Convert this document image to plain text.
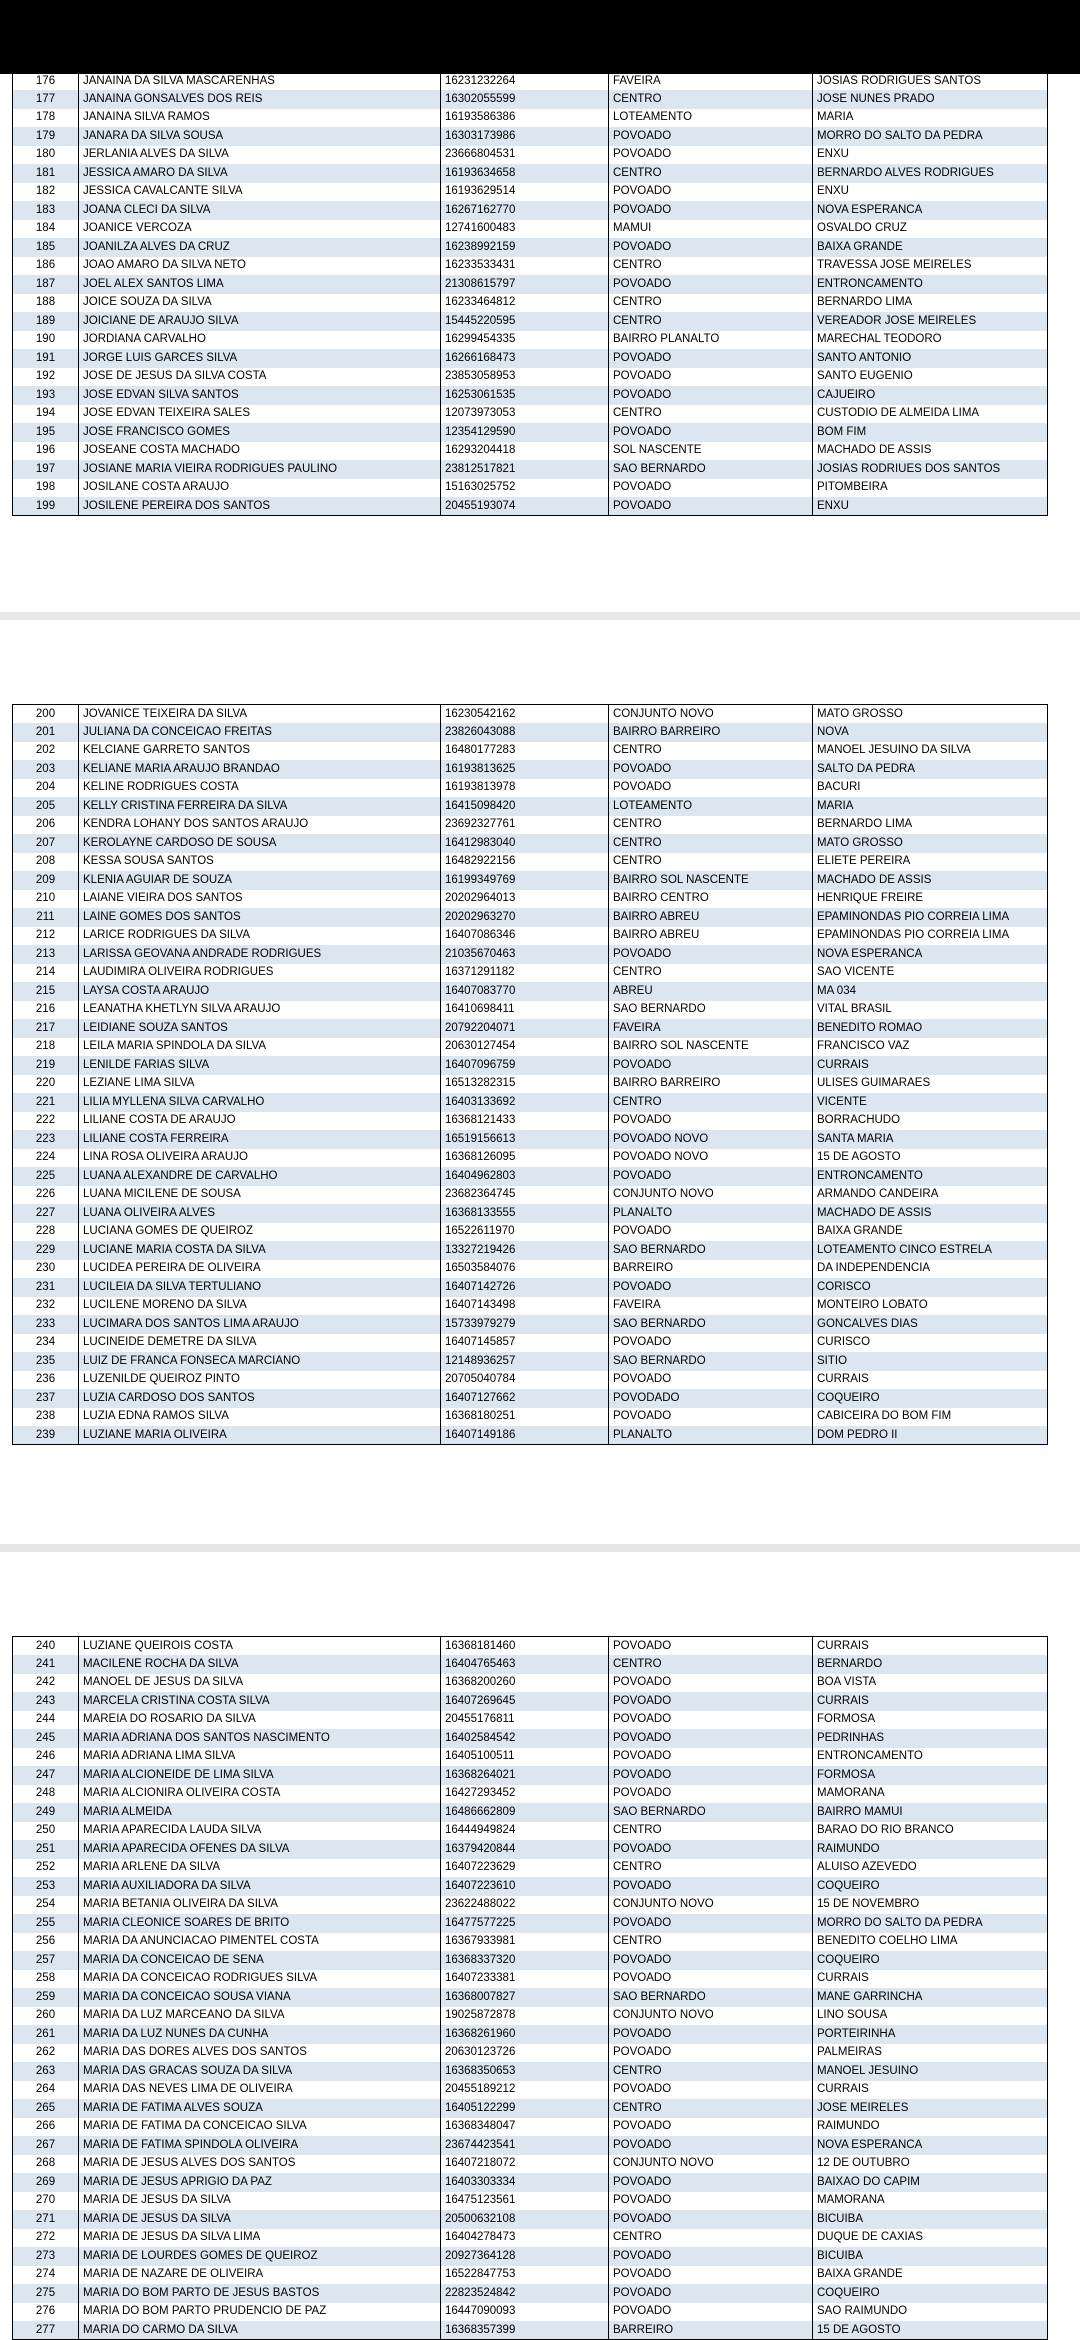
176	JANAINA DA SILVA MASCARENHAS	16231232264	FAVEIRA	JOSIAS RODRIGUES SANTOS
177	JANAINA GONSALVES DOS REIS	16302055599	CENTRO	JOSE NUNES PRADO
178	JANAINA SILVA RAMOS	16193586386	LOTEAMENTO	MARIA
179	JANARA DA SILVA SOUSA	16303173986	POVOADO	MORRO DO SALTO DA PEDRA
180	JERLANIA ALVES DA SILVA	23666804531	POVOADO	ENXU
181	JESSICA AMARO DA SILVA	16193634658	CENTRO	BERNARDO ALVES RODRIGUES
182	JESSICA CAVALCANTE SILVA	16193629514	POVOADO	ENXU
183	JOANA CLECI DA SILVA	16267162770	POVOADO	NOVA ESPERANCA
184	JOANICE VERCOZA	12741600483	MAMUI	OSVALDO CRUZ
185	JOANILZA ALVES DA CRUZ	16238992159	POVOADO	BAIXA GRANDE
186	JOAO AMARO DA SILVA NETO	16233533431	CENTRO	TRAVESSA JOSE MEIRELES
187	JOEL ALEX SANTOS LIMA	21308615797	POVOADO	ENTRONCAMENTO
188	JOICE SOUZA DA SILVA	16233464812	CENTRO	BERNARDO LIMA
189	JOICIANE DE ARAUJO SILVA	15445220595	CENTRO	VEREADOR JOSE MEIRELES
190	JORDIANA CARVALHO	16299454335	BAIRRO PLANALTO	MARECHAL TEODORO
191	JORGE LUIS GARCES SILVA	16266168473	POVOADO	SANTO ANTONIO
192	JOSE DE JESUS DA SILVA COSTA	23853058953	POVOADO	SANTO EUGENIO
193	JOSE EDVAN SILVA SANTOS	16253061535	POVOADO	CAJUEIRO
194	JOSE EDVAN TEIXEIRA SALES	12073973053	CENTRO	CUSTODIO DE ALMEIDA LIMA
195	JOSE FRANCISCO GOMES	12354129590	POVOADO	BOM FIM
196	JOSEANE COSTA MACHADO	16293204418	SOL NASCENTE	MACHADO DE ASSIS
197	JOSIANE MARIA VIEIRA RODRIGUES PAULINO	23812517821	SAO BERNARDO	JOSIAS RODRIUES DOS SANTOS
198	JOSILANE COSTA ARAUJO	15163025752	POVOADO	PITOMBEIRA
199	JOSILENE PEREIRA DOS SANTOS	20455193074	POVOADO	ENXU
200	JOVANICE TEIXEIRA DA SILVA	16230542162	CONJUNTO NOVO	MATO GROSSO
201	JULIANA DA CONCEICAO FREITAS	23826043088	BAIRRO BARREIRO	NOVA
202	KELCIANE GARRETO SANTOS	16480177283	CENTRO	MANOEL JESUINO DA SILVA
203	KELIANE MARIA ARAUJO BRANDAO	16193813625	POVOADO	SALTO DA PEDRA
204	KELINE RODRIGUES COSTA	16193813978	POVOADO	BACURI
205	KELLY CRISTINA FERREIRA DA SILVA	16415098420	LOTEAMENTO	MARIA
206	KENDRA LOHANY DOS SANTOS ARAUJO	23692327761	CENTRO	BERNARDO LIMA
207	KEROLAYNE CARDOSO DE SOUSA	16412983040	CENTRO	MATO GROSSO
208	KESSA SOUSA SANTOS	16482922156	CENTRO	ELIETE PEREIRA
209	KLENIA AGUIAR DE SOUZA	16199349769	BAIRRO SOL NASCENTE	MACHADO DE ASSIS
210	LAIANE VIEIRA DOS SANTOS	20202964013	BAIRRO CENTRO	HENRIQUE FREIRE
211	LAINE GOMES DOS SANTOS	20202963270	BAIRRO ABREU	EPAMINONDAS PIO CORREIA LIMA
212	LARICE RODRIGUES DA SILVA	16407086346	BAIRRO ABREU	EPAMINONDAS PIO CORREIA LIMA
213	LARISSA GEOVANA ANDRADE RODRIGUES	21035670463	POVOADO	NOVA ESPERANCA
214	LAUDIMIRA OLIVEIRA RODRIGUES	16371291182	CENTRO	SAO VICENTE
215	LAYSA COSTA ARAUJO	16407083770	ABREU	MA 034
216	LEANATHA KHETLYN SILVA ARAUJO	16410698411	SAO BERNARDO	VITAL BRASIL
217	LEIDIANE SOUZA SANTOS	20792204071	FAVEIRA	BENEDITO ROMAO
218	LEILA MARIA SPINDOLA DA SILVA	20630127454	BAIRRO SOL NASCENTE	FRANCISCO VAZ
219	LENILDE FARIAS SILVA	16407096759	POVOADO	CURRAIS
220	LEZIANE LIMA SILVA	16513282315	BAIRRO BARREIRO	ULISES GUIMARAES
221	LILIA MYLLENA SILVA CARVALHO	16403133692	CENTRO	VICENTE
222	LILIANE COSTA DE ARAUJO	16368121433	POVOADO	BORRACHUDO
223	LILIANE COSTA FERREIRA	16519156613	POVOADO NOVO	SANTA MARIA
224	LINA ROSA OLIVEIRA ARAUJO	16368126095	POVOADO NOVO	15 DE AGOSTO
225	LUANA ALEXANDRE DE CARVALHO	16404962803	POVOADO	ENTRONCAMENTO
226	LUANA MICILENE DE SOUSA	23682364745	CONJUNTO NOVO	ARMANDO CANDEIRA
227	LUANA OLIVEIRA ALVES	16368133555	PLANALTO	MACHADO DE ASSIS
228	LUCIANA GOMES DE QUEIROZ	16522611970	POVOADO	BAIXA GRANDE
229	LUCIANE MARIA COSTA DA SILVA	13327219426	SAO BERNARDO	LOTEAMENTO CINCO ESTRELA
230	LUCIDEA PEREIRA DE OLIVEIRA	16503584076	BARREIRO	DA INDEPENDENCIA
231	LUCILEIA DA SILVA TERTULIANO	16407142726	POVOADO	CORISCO
232	LUCILENE MORENO DA SILVA	16407143498	FAVEIRA	MONTEIRO LOBATO
233	LUCIMARA DOS SANTOS LIMA ARAUJO	15733979279	SAO BERNARDO	GONCALVES DIAS
234	LUCINEIDE DEMETRE DA SILVA	16407145857	POVOADO	CURISCO
235	LUIZ DE FRANCA FONSECA MARCIANO	12148936257	SAO BERNARDO	SITIO
236	LUZENILDE QUEIROZ PINTO	20705040784	POVOADO	CURRAIS
237	LUZIA CARDOSO DOS SANTOS	16407127662	POVODADO	COQUEIRO
238	LUZIA EDNA RAMOS SILVA	16368180251	POVOADO	CABICEIRA DO BOM FIM
239	LUZIANE MARIA OLIVEIRA	16407149186	PLANALTO	DOM PEDRO II
240	LUZIANE QUEIROIS COSTA	16368181460	POVOADO	CURRAIS
241	MACILENE ROCHA DA SILVA	16404765463	CENTRO	BERNARDO
242	MANOEL DE JESUS DA SILVA	16368200260	POVOADO	BOA VISTA
243	MARCELA CRISTINA COSTA SILVA	16407269645	POVOADO	CURRAIS
244	MAREIA DO ROSARIO DA SILVA	20455176811	POVOADO	FORMOSA
245	MARIA ADRIANA DOS SANTOS NASCIMENTO	16402584542	POVOADO	PEDRINHAS
246	MARIA ADRIANA LIMA SILVA	16405100511	POVOADO	ENTRONCAMENTO
247	MARIA ALCIONEIDE DE LIMA SILVA	16368264021	POVOADO	FORMOSA
248	MARIA ALCIONIRA OLIVEIRA COSTA	16427293452	POVOADO	MAMORANA
249	MARIA ALMEIDA	16486662809	SAO BERNARDO	BAIRRO MAMUI
250	MARIA APARECIDA LAUDA SILVA	16444949824	CENTRO	BARAO DO RIO BRANCO
251	MARIA APARECIDA OFENES DA SILVA	16379420844	POVOADO	RAIMUNDO
252	MARIA ARLENE DA SILVA	16407223629	CENTRO	ALUISO AZEVEDO
253	MARIA AUXILIADORA DA SILVA	16407223610	POVOADO	COQUEIRO
254	MARIA BETANIA OLIVEIRA DA SILVA	23622488022	CONJUNTO NOVO	15 DE NOVEMBRO
255	MARIA CLEONICE SOARES DE BRITO	16477577225	POVOADO	MORRO DO SALTO DA PEDRA
256	MARIA DA ANUNCIACAO PIMENTEL COSTA	16367933981	CENTRO	BENEDITO COELHO LIMA
257	MARIA DA CONCEICAO DE SENA	16368337320	POVOADO	COQUEIRO
258	MARIA DA CONCEICAO RODRIGUES SILVA	16407233381	POVOADO	CURRAIS
259	MARIA DA CONCEICAO SOUSA VIANA	16368007827	SAO BERNARDO	MANE GARRINCHA
260	MARIA DA LUZ MARCEANO DA SILVA	19025872878	CONJUNTO NOVO	LINO SOUSA
261	MARIA DA LUZ NUNES DA CUNHA	16368261960	POVOADO	PORTEIRINHA
262	MARIA DAS DORES ALVES DOS SANTOS	20630123726	POVOADO	PALMEIRAS
263	MARIA DAS GRACAS SOUZA DA SILVA	16368350653	CENTRO	MANOEL JESUINO
264	MARIA DAS NEVES LIMA DE OLIVEIRA	20455189212	POVOADO	CURRAIS
265	MARIA DE FATIMA ALVES SOUZA	16405122299	CENTRO	JOSE MEIRELES
266	MARIA DE FATIMA DA CONCEICAO SILVA	16368348047	POVOADO	RAIMUNDO
267	MARIA DE FATIMA SPINDOLA OLIVEIRA	23674423541	POVOADO	NOVA ESPERANCA
268	MARIA DE JESUS ALVES DOS SANTOS	16407218072	CONJUNTO NOVO	12 DE OUTUBRO
269	MARIA DE JESUS APRIGIO DA PAZ	16403303334	POVOADO	BAIXAO DO CAPIM
270	MARIA DE JESUS DA SILVA	16475123561	POVOADO	MAMORANA
271	MARIA DE JESUS DA SILVA	20500632108	POVOADO	BICUIBA
272	MARIA DE JESUS DA SILVA LIMA	16404278473	CENTRO	DUQUE DE CAXIAS
273	MARIA DE LOURDES GOMES DE QUEIROZ	20927364128	POVOADO	BICUIBA
274	MARIA DE NAZARE DE OLIVEIRA	16522847753	POVOADO	BAIXA GRANDE
275	MARIA DO BOM PARTO DE JESUS BASTOS	22823524842	POVOADO	COQUEIRO
276	MARIA DO BOM PARTO PRUDENCIO DE PAZ	16447090093	POVOADO	SAO RAIMUNDO
277	MARIA DO CARMO DA SILVA	16368357399	BARREIRO	15 DE AGOSTO
